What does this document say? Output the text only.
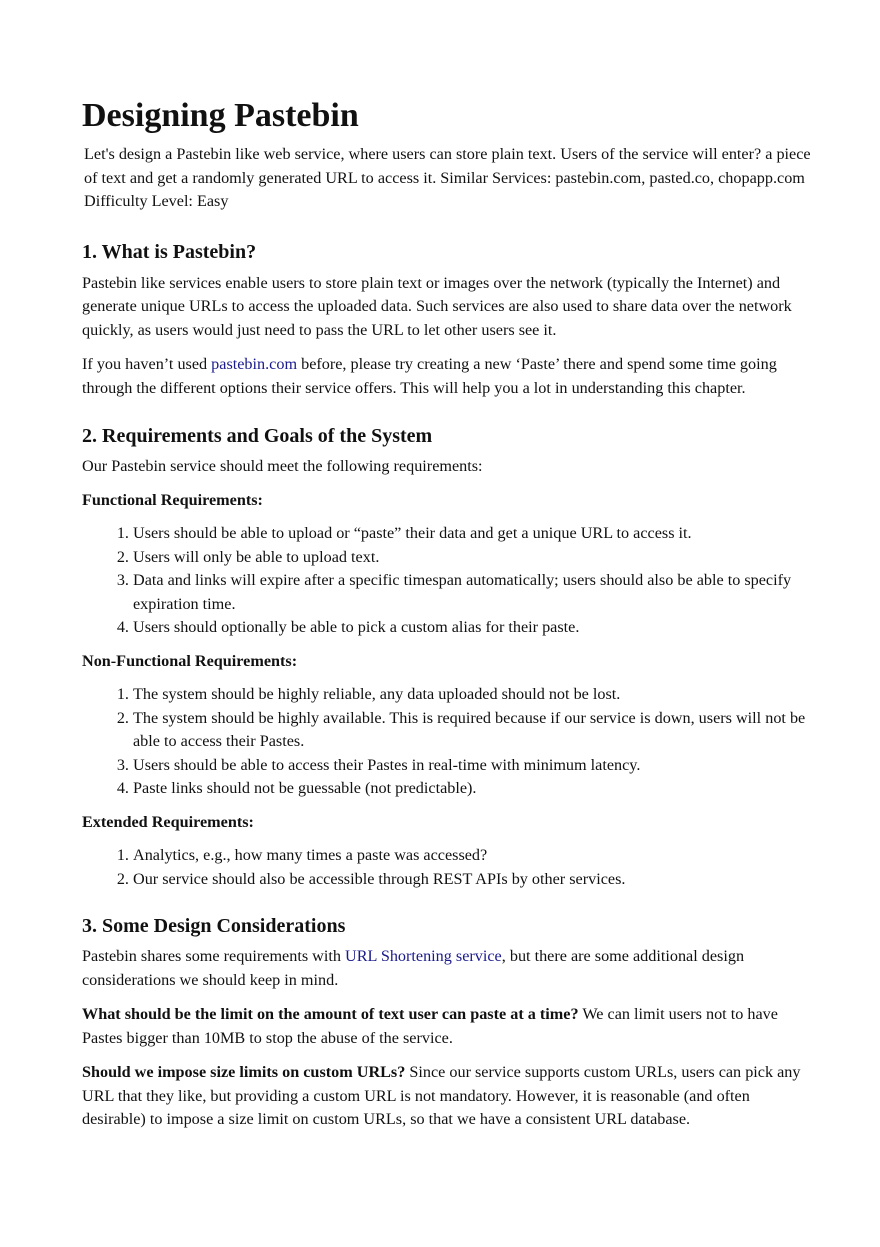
Designing Pastebin

Let's design a Pastebin like web service, where users can store plain text. Users of the service will enter? a piece of text and get a randomly generated URL to access it. Similar Services: pastebin.com, pasted.co, chopapp.com Difficulty Level: Easy

1. What is Pastebin?

Pastebin like services enable users to store plain text or images over the network (typically the Internet) and generate unique URLs to access the uploaded data. Such services are also used to share data over the network quickly, as users would just need to pass the URL to let other users see it.

If you haven’t used pastebin.com before, please try creating a new ‘Paste’ there and spend some time going through the different options their service offers. This will help you a lot in understanding this chapter.

2. Requirements and Goals of the System

Our Pastebin service should meet the following requirements:

Functional Requirements:

1. Users should be able to upload or “paste” their data and get a unique URL to access it.
2. Users will only be able to upload text.
3. Data and links will expire after a specific timespan automatically; users should also be able to specify expiration time.
4. Users should optionally be able to pick a custom alias for their paste.

Non-Functional Requirements:

1. The system should be highly reliable, any data uploaded should not be lost.
2. The system should be highly available. This is required because if our service is down, users will not be able to access their Pastes.
3. Users should be able to access their Pastes in real-time with minimum latency.
4. Paste links should not be guessable (not predictable).

Extended Requirements:

1. Analytics, e.g., how many times a paste was accessed?
2. Our service should also be accessible through REST APIs by other services.
3. Some Design Considerations

Pastebin shares some requirements with URL Shortening service, but there are some additional design considerations we should keep in mind.

What should be the limit on the amount of text user can paste at a time? We can limit users not to have Pastes bigger than 10MB to stop the abuse of the service.

Should we impose size limits on custom URLs? Since our service supports custom URLs, users can pick any URL that they like, but providing a custom URL is not mandatory. However, it is reasonable (and often desirable) to impose a size limit on custom URLs, so that we have a consistent URL database.
